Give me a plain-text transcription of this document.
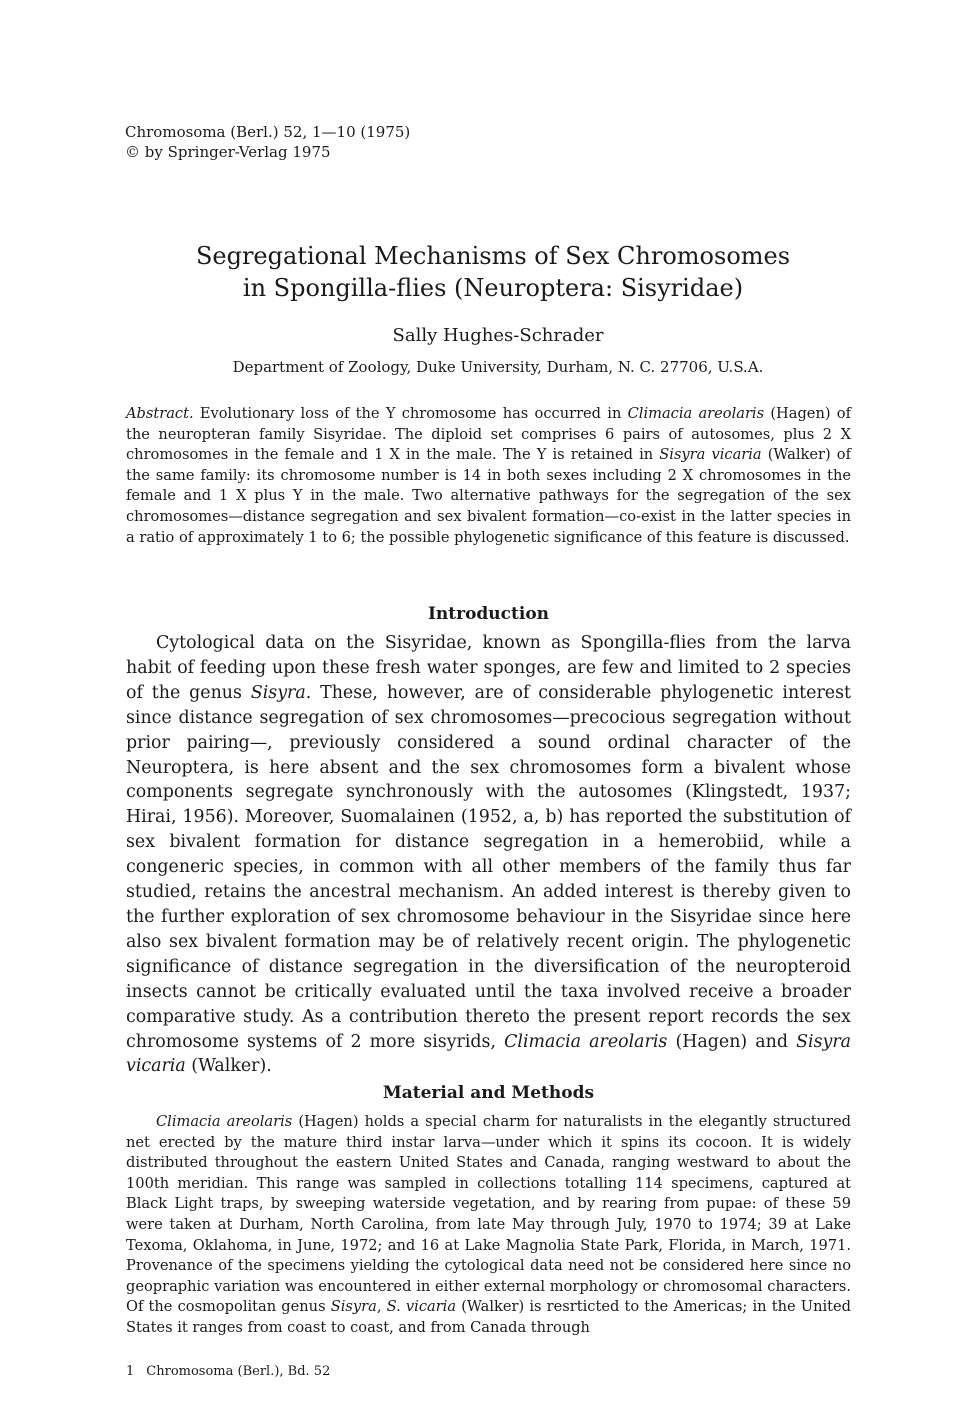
Chromosoma (Berl.) 52, 1—10 (1975)
© by Springer-Verlag 1975
Segregational Mechanisms of Sex Chromosomes
in Spongilla-flies (Neuroptera: Sisyridae)
Sally Hughes-Schrader
Department of Zoology, Duke University, Durham, N. C. 27706, U.S.A.
Abstract. Evolutionary loss of the Y chromosome has occurred in Climacia areolaris (Hagen) of the neuropteran family Sisyridae. The diploid set comprises 6 pairs of autosomes, plus 2 X chromosomes in the female and 1 X in the male. The Y is retained in Sisyra vicaria (Walker) of the same family: its chromosome number is 14 in both sexes including 2 X chromosomes in the female and 1 X plus Y in the male. Two alternative pathways for the segregation of the sex chromosomes—distance segregation and sex bivalent formation—co-exist in the latter species in a ratio of approximately 1 to 6; the possible phylogenetic significance of this feature is discussed.
Introduction
Cytological data on the Sisyridae, known as Spongilla-flies from the larva habit of feeding upon these fresh water sponges, are few and limited to 2 species of the genus Sisyra. These, however, are of considerable phylogenetic interest since distance segregation of sex chromosomes—precocious segregation without prior pairing—, previously considered a sound ordinal character of the Neuroptera, is here absent and the sex chromosomes form a bivalent whose components segregate synchronously with the autosomes (Klingstedt, 1937; Hirai, 1956). Moreover, Suomalainen (1952, a, b) has reported the substitution of sex bivalent formation for distance segregation in a hemerobiid, while a congeneric species, in common with all other members of the family thus far studied, retains the ancestral mechanism. An added interest is thereby given to the further exploration of sex chromosome behaviour in the Sisyridae since here also sex bivalent formation may be of relatively recent origin. The phylogenetic significance of distance segregation in the diversification of the neuropteroid insects cannot be critically evaluated until the taxa involved receive a broader comparative study. As a contribution thereto the present report records the sex chromosome systems of 2 more sisyrids, Climacia areolaris (Hagen) and Sisyra vicaria (Walker).
Material and Methods
Climacia areolaris (Hagen) holds a special charm for naturalists in the elegantly structured net erected by the mature third instar larva—under which it spins its cocoon. It is widely distributed throughout the eastern United States and Canada, ranging westward to about the 100th meridian. This range was sampled in collections totalling 114 specimens, captured at Black Light traps, by sweeping waterside vegetation, and by rearing from pupae: of these 59 were taken at Durham, North Carolina, from late May through July, 1970 to 1974; 39 at Lake Texoma, Oklahoma, in June, 1972; and 16 at Lake Magnolia State Park, Florida, in March, 1971. Provenance of the specimens yielding the cytological data need not be considered here since no geopraphic variation was encountered in either external morphology or chromosomal characters. Of the cosmopolitan genus Sisyra, S. vicaria (Walker) is resrticted to the Americas; in the United States it ranges from coast to coast, and from Canada through
1 Chromosoma (Berl.), Bd. 52
